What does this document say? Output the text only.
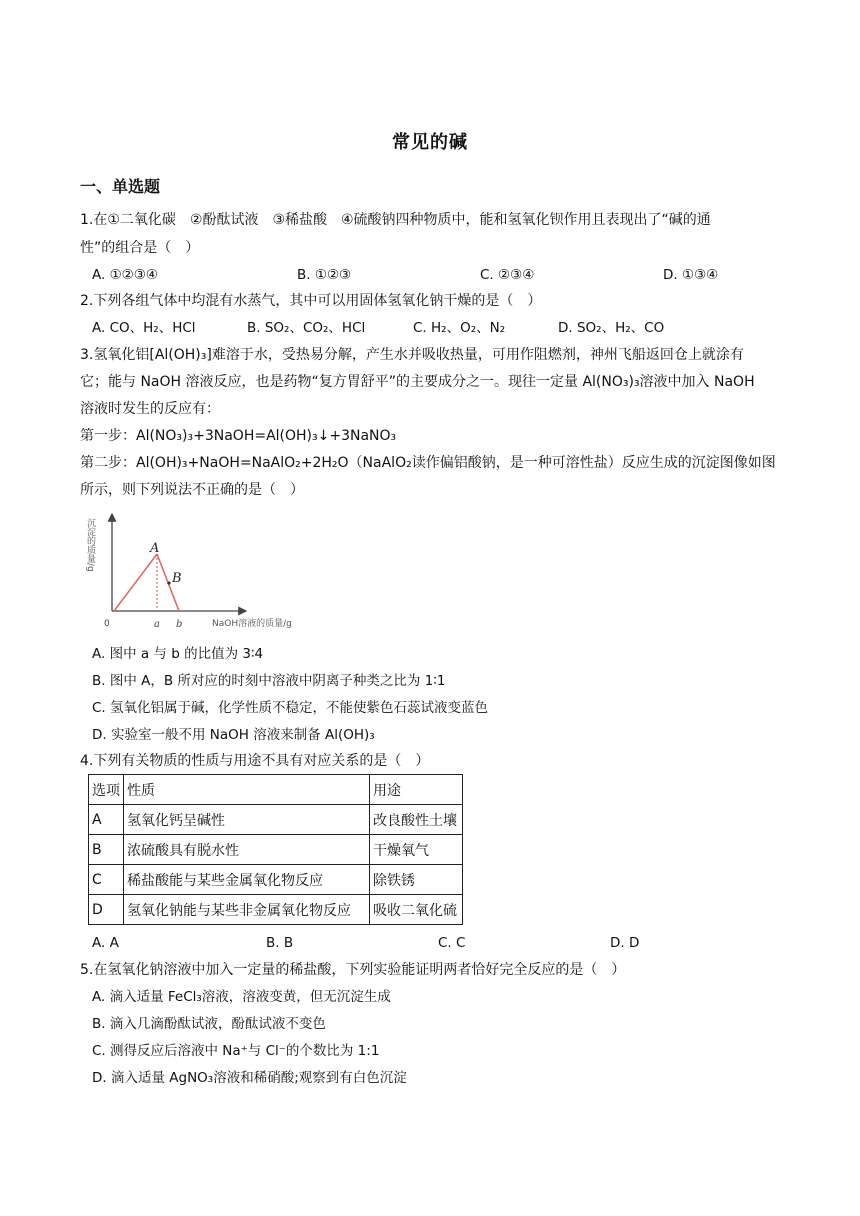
常见的碱
一、单选题
1.在①二氧化碳　②酚酞试液　③稀盐酸　④硫酸钠四种物质中，能和氢氧化钡作用且表现出了“碱的通
性”的组合是（　）
A. ①②③④	B. ①②③	C. ②③④	D. ①③④
2.下列各组气体中均混有水蒸气，其中可以用固体氢氧化钠干燥的是（　）
A. CO、H₂、HCl	B. SO₂、CO₂、HCl	C. H₂、O₂、N₂	D. SO₂、H₂、CO
3.氢氧化铝[Al(OH)₃]难溶于水，受热易分解，产生水并吸收热量，可用作阻燃剂，神州飞船返回仓上就涂有
它；能与 NaOH 溶液反应，也是药物“复方胃舒平”的主要成分之一。现往一定量 Al(NO₃)₃溶液中加入 NaOH
溶液时发生的反应有：
第一步：Al(NO₃)₃+3NaOH=Al(OH)₃↓+3NaNO₃
第二步：Al(OH)₃+NaOH=NaAlO₂+2H₂O（NaAlO₂读作偏铝酸钠，是一种可溶性盐）反应生成的沉淀图像如图
所示，则下列说法不正确的是（　）
沉淀的质量/g	A
B
0	a b	NaOH溶液的质量/g
A. 图中 a 与 b 的比值为 3∶4
B. 图中 A，B 所对应的时刻中溶液中阴离子种类之比为 1∶1
C. 氢氧化铝属于碱，化学性质不稳定，不能使紫色石蕊试液变蓝色
D. 实验室一般不用 NaOH 溶液来制备 Al(OH)₃
4.下列有关物质的性质与用途不具有对应关系的是（　）
选项	性质	用途
A	氢氧化钙呈碱性	改良酸性土壤
B	浓硫酸具有脱水性	干燥氧气
C	稀盐酸能与某些金属氧化物反应	除铁锈
D	氢氧化钠能与某些非金属氧化物反应	吸收二氧化硫
A. A	B. B	C. C	D. D
5.在氢氧化钠溶液中加入一定量的稀盐酸，下列实验能证明两者恰好完全反应的是（　）
A. 滴入适量 FeCl₃溶液，溶液变黄，但无沉淀生成
B. 滴入几滴酚酞试液，酚酞试液不变色
C. 测得反应后溶液中 Na⁺与 Cl⁻的个数比为 1:1
D. 滴入适量 AgNO₃溶液和稀硝酸;观察到有白色沉淀
